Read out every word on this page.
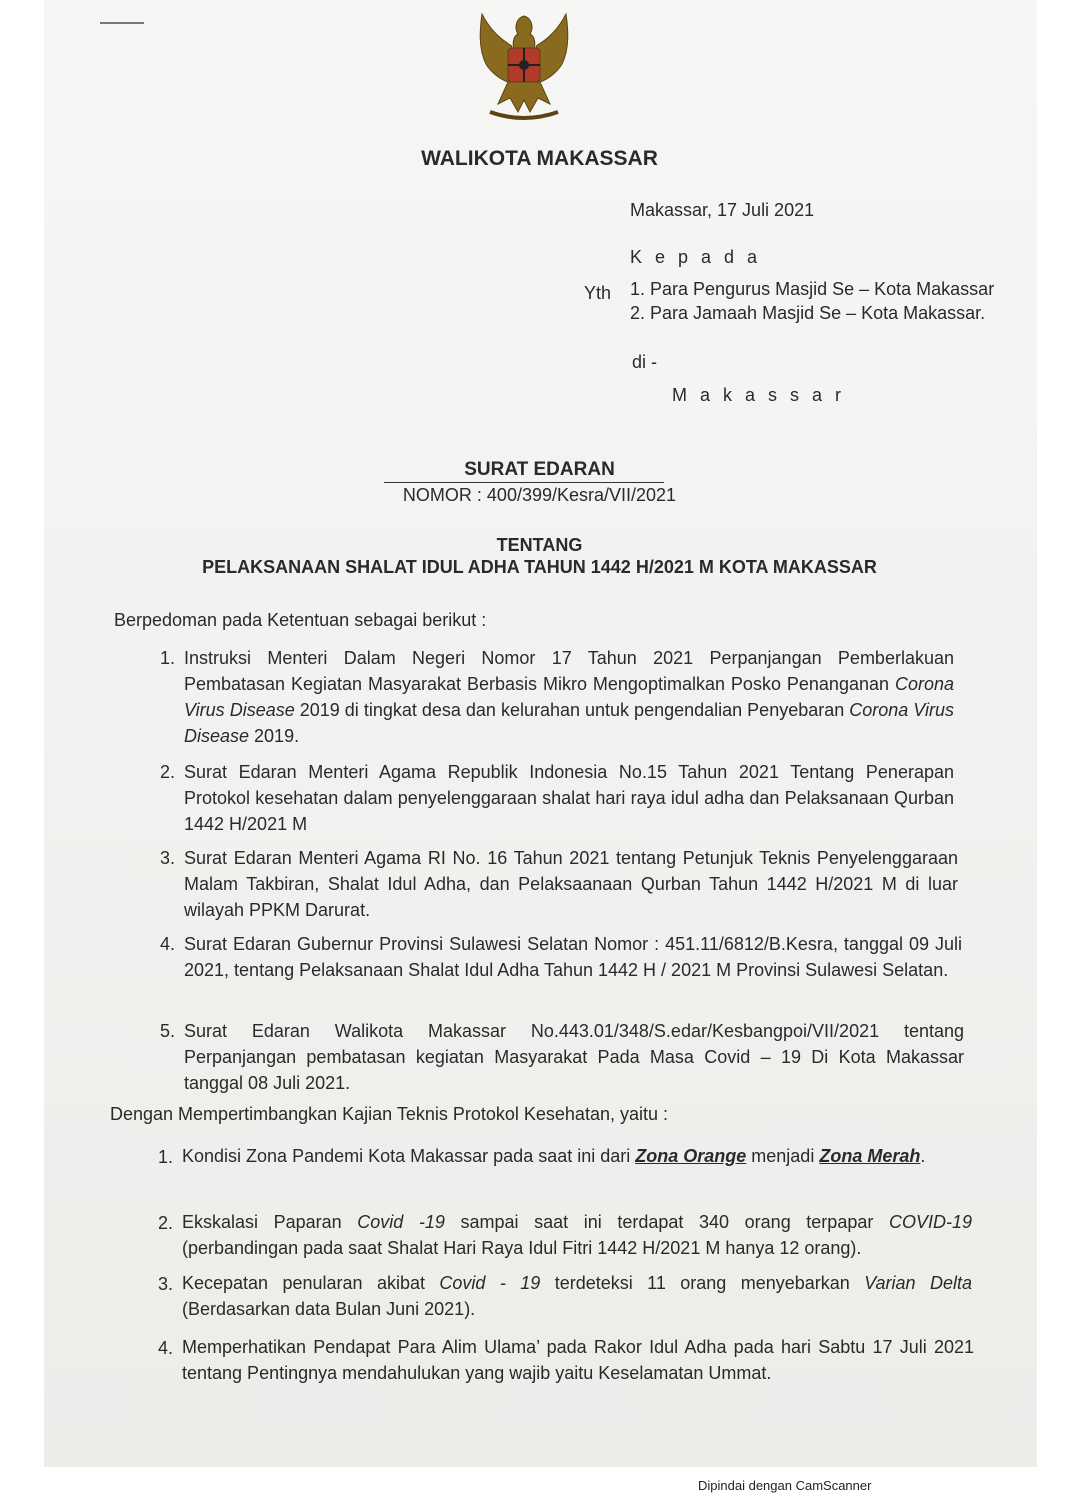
WALIKOTA MAKASSAR
Makassar, 17 Juli 2021
K e p a d a
Yth 1. Para Pengurus Masjid Se – Kota Makassar
2. Para Jamaah Masjid Se – Kota Makassar.
di -
M a k a s s a r
SURAT EDARAN
NOMOR : 400/399/Kesra/VII/2021
TENTANG
PELAKSANAAN SHALAT IDUL ADHA TAHUN 1442 H/2021 M KOTA MAKASSAR
Berpedoman pada Ketentuan sebagai berikut :
1. Instruksi Menteri Dalam Negeri Nomor 17 Tahun 2021 Perpanjangan Pemberlakuan Pembatasan Kegiatan Masyarakat Berbasis Mikro Mengoptimalkan Posko Penanganan Corona Virus Disease 2019 di tingkat desa dan kelurahan untuk pengendalian Penyebaran Corona Virus Disease 2019.
2. Surat Edaran Menteri Agama Republik Indonesia No.15 Tahun 2021 Tentang Penerapan Protokol kesehatan dalam penyelenggaraan shalat hari raya idul adha dan Pelaksanaan Qurban 1442 H/2021 M
3. Surat Edaran Menteri Agama RI No. 16 Tahun 2021 tentang Petunjuk Teknis Penyelenggaraan Malam Takbiran, Shalat Idul Adha, dan Pelaksaanaan Qurban Tahun 1442 H/2021 M di luar wilayah PPKM Darurat.
4. Surat Edaran Gubernur Provinsi Sulawesi Selatan Nomor : 451.11/6812/B.Kesra, tanggal 09 Juli 2021, tentang Pelaksanaan Shalat Idul Adha Tahun 1442 H / 2021 M Provinsi Sulawesi Selatan.
5. Surat Edaran Walikota Makassar No.443.01/348/S.edar/Kesbangpoi/VII/2021 tentang Perpanjangan pembatasan kegiatan Masyarakat Pada Masa Covid – 19 Di Kota Makassar tanggal 08 Juli 2021.
Dengan Mempertimbangkan Kajian Teknis Protokol Kesehatan, yaitu :
1. Kondisi Zona Pandemi Kota Makassar pada saat ini dari Zona Orange menjadi Zona Merah.
2. Ekskalasi Paparan Covid -19 sampai saat ini terdapat 340 orang terpapar COVID-19 (perbandingan pada saat Shalat Hari Raya Idul Fitri 1442 H/2021 M hanya 12 orang).
3. Kecepatan penularan akibat Covid - 19 terdeteksi 11 orang menyebarkan Varian Delta (Berdasarkan data Bulan Juni 2021).
4. Memperhatikan Pendapat Para Alim Ulama’ pada Rakor Idul Adha pada hari Sabtu 17 Juli 2021 tentang Pentingnya mendahulukan yang wajib yaitu Keselamatan Ummat.
Dipindai dengan CamScanner
